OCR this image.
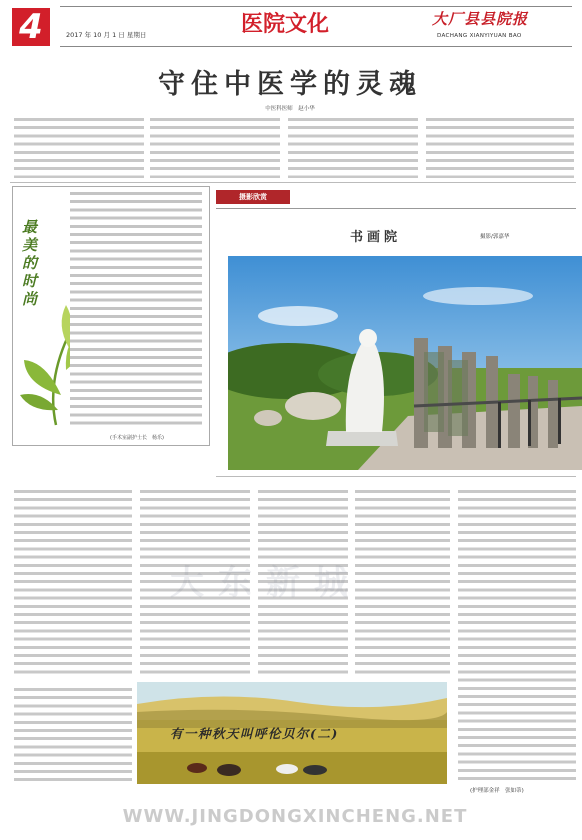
4	2017 年 10 月 1 日 星期日	医院文化	大厂县县院报
DACHANG XIANYIYUAN BAO
守住中医学的灵魂
中医科医师　赵小华
最美的时尚
(手术室副护士长　杨乐)
摄影欣赏
书画院	摄影/郭嘉华
有一种秋天叫呼伦贝尔(二)
(护理部金祥　张如蒂)
大东新城
WWW.JINGDONGXINCHENG.NET
